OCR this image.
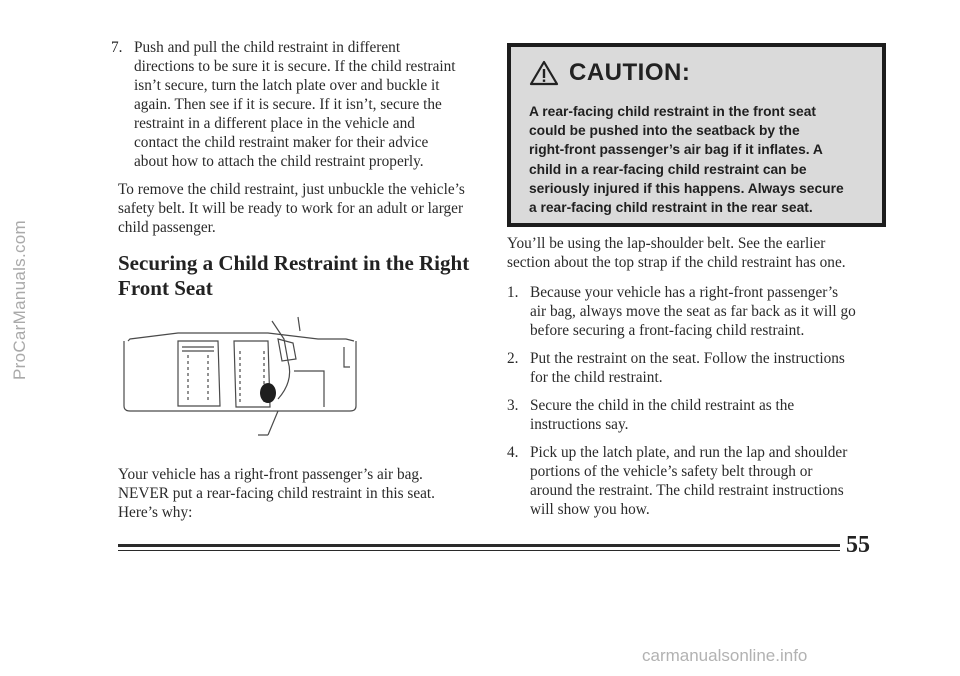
ProCarManuals.com
7. Push and pull the child restraint in different
directions to be sure it is secure. If the child restraint
isn’t secure, turn the latch plate over and buckle it
again. Then see if it is secure. If it isn’t, secure the
restraint in a different place in the vehicle and
contact the child restraint maker for their advice
about how to attach the child restraint properly.
To remove the child restraint, just unbuckle the vehicle’s
safety belt. It will be ready to work for an adult or larger
child passenger.
Securing a Child Restraint in the Right
Front Seat
Your vehicle has a right-front passenger’s air bag.
NEVER put a rear-facing child restraint in this seat.
Here’s why:
CAUTION:
A rear-facing child restraint in the front seat
could be pushed into the seatback by the
right-front passenger’s air bag if it inflates. A
child in a rear-facing child restraint can be
seriously injured if this happens. Always secure
a rear-facing child restraint in the rear seat.
You’ll be using the lap-shoulder belt. See the earlier
section about the top strap if the child restraint has one.
1. Because your vehicle has a right-front passenger’s
air bag, always move the seat as far back as it will go
before securing a front-facing child restraint.
2. Put the restraint on the seat. Follow the instructions
for the child restraint.
3. Secure the child in the child restraint as the
instructions say.
4. Pick up the latch plate, and run the lap and shoulder
portions of the vehicle’s safety belt through or
around the restraint. The child restraint instructions
will show you how.
55
carmanualsonline.info
